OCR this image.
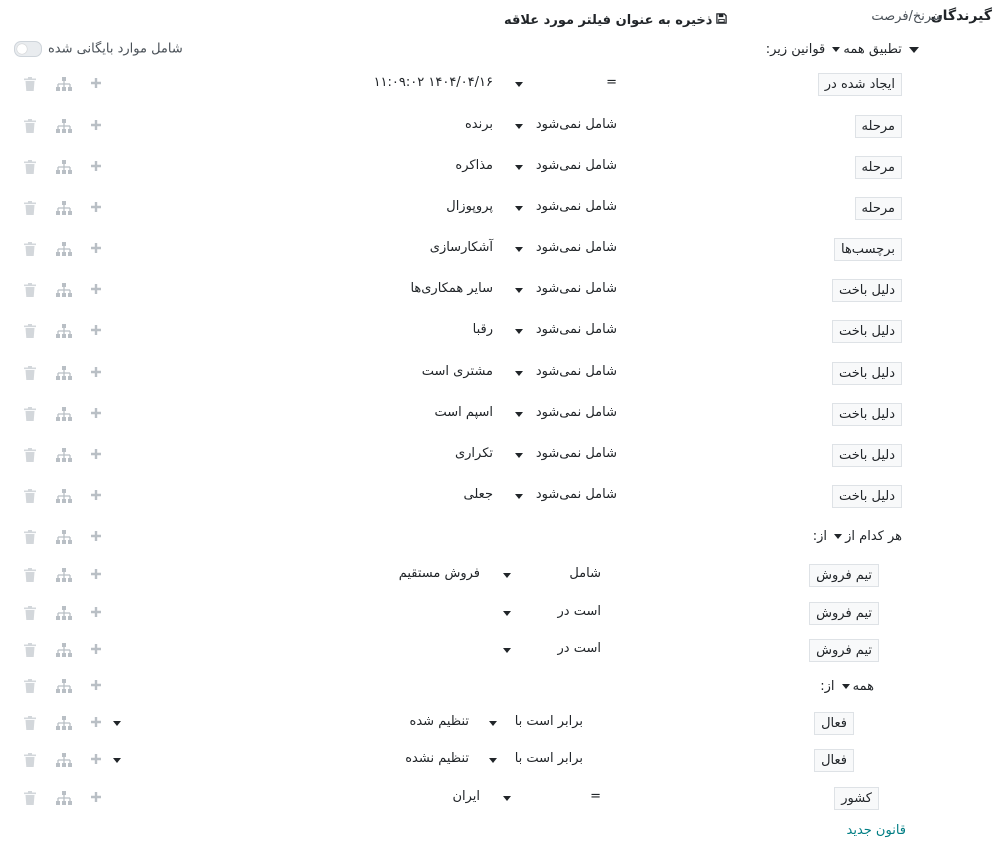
گیرندگان
سرنخ/فرصت
ذخیره به عنوان فیلتر مورد علاقه
شامل موارد بایگانی شده	تطبیق همه قوانین زیر:
ایجاد شده در
=
۱۴۰۴/۰۴/۱۶ ۱۱:۰۹:۰۲
مرحله
شامل نمی‌شود
برنده
مرحله
شامل نمی‌شود
مذاکره
مرحله
شامل نمی‌شود
پروپوزال
برچسب‌ها
شامل نمی‌شود
آشکارسازی
دلیل باخت
شامل نمی‌شود
سایر همکاری‌ها
دلیل باخت
شامل نمی‌شود
رقبا
دلیل باخت
شامل نمی‌شود
مشتری است
دلیل باخت
شامل نمی‌شود
اسپم است
دلیل باخت
شامل نمی‌شود
تکراری
دلیل باخت
شامل نمی‌شود
جعلی
تیم فروش
شامل
فروش مستقیم
تیم فروش
است در
تیم فروش
است در
فعال
برابر است با
تنظیم شده
فعال
برابر است با
تنظیم نشده
کشور
=
ایران
هر کدام از از:
همه از:
قانون جدید
